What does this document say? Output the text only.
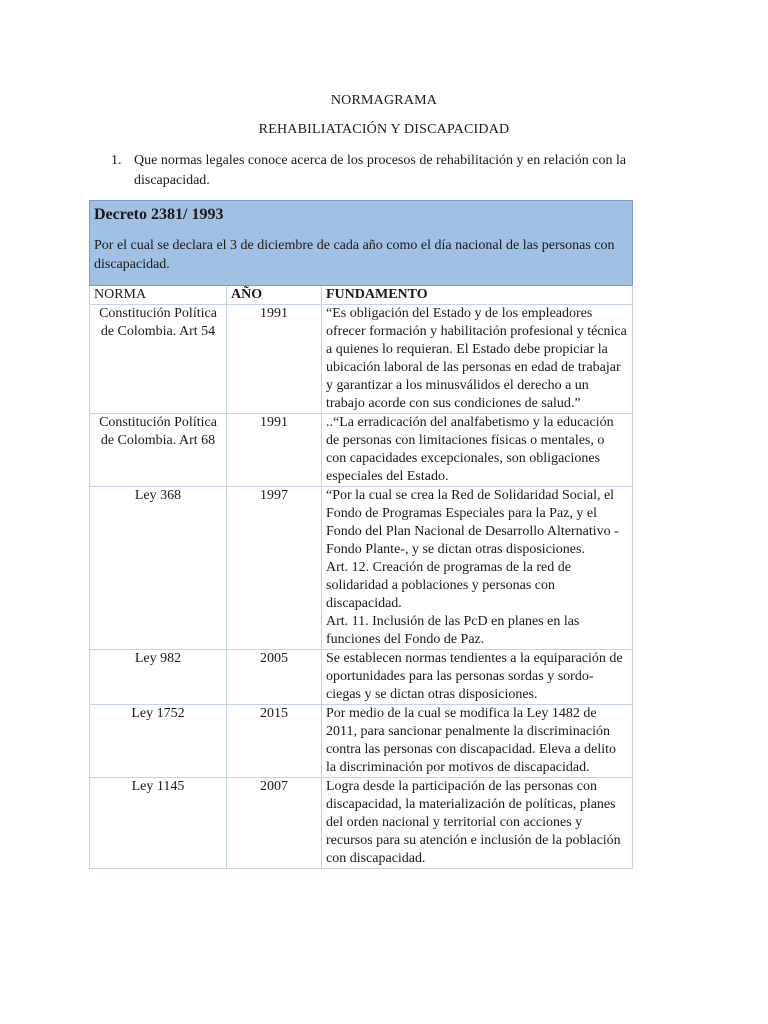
NORMAGRAMA
REHABILIATACIÓN Y DISCAPACIDAD
1. Que normas legales conoce acerca de los procesos de rehabilitación y en relación con la discapacidad.
Decreto 2381/ 1993
Por el cual se declara el 3 de diciembre de cada año como el día nacional de las personas con discapacidad.		

NORMA	AÑO	FUNDAMENTO
Constitución Política de Colombia. Art 54	1991	“Es obligación del Estado y de los empleadores ofrecer formación y habilitación profesional y técnica a quienes lo requieran. El Estado debe propiciar la ubicación laboral de las personas en edad de trabajar y garantizar a los minusválidos el derecho a un trabajo acorde con sus condiciones de salud.”
Constitución Política de Colombia. Art 68	1991	..“La erradicación del analfabetismo y la educación de personas con limitaciones físicas o mentales, o con capacidades excepcionales, son obligaciones especiales del Estado.
Ley 368	1997	“Por la cual se crea la Red de Solidaridad Social, el Fondo de Programas Especiales para la Paz, y el Fondo del Plan Nacional de Desarrollo Alternativo -Fondo Plante-, y se dictan otras disposiciones.
Art. 12. Creación de programas de la red de solidaridad a poblaciones y personas con discapacidad.
Art. 11. Inclusión de las PcD en planes en las funciones del Fondo de Paz.

Ley 982	2005	Se establecen normas tendientes a la equiparación de oportunidades para las personas sordas y sordo- ciegas y se dictan otras disposiciones.
Ley 1752	2015	Por medio de la cual se modifica la Ley 1482 de 2011, para sancionar penalmente la discriminación contra las personas con discapacidad. Eleva a delito la discriminación por motivos de discapacidad.
Ley 1145	2007	Logra desde la participación de las personas con discapacidad, la materialización de políticas, planes del orden nacional y territorial con acciones y recursos para su atención e inclusión de la población con discapacidad.
